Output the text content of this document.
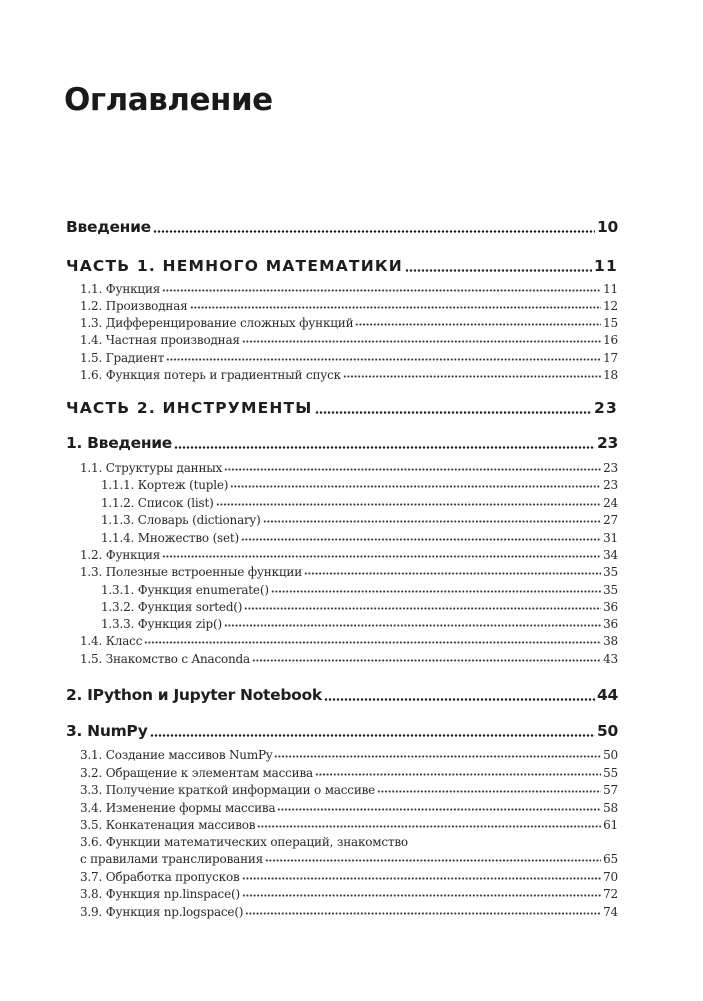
Оглавление
Введение	10
ЧАСТЬ 1. НЕМНОГО МАТЕМАТИКИ	11
1.1. Функция	11
1.2. Производная	12
1.3. Дифференцирование сложных функций	15
1.4. Частная производная	16
1.5. Градиент	17
1.6. Функция потерь и градиентный спуск	18
ЧАСТЬ 2. ИНСТРУМЕНТЫ	23
1. Введение	23
1.1. Структуры данных	23
1.1.1. Кортеж (tuple)	23
1.1.2. Список (list)	24
1.1.3. Словарь (dictionary)	27
1.1.4. Множество (set)	31
1.2. Функция	34
1.3. Полезные встроенные функции	35
1.3.1. Функция enumerate()	35
1.3.2. Функция sorted()	36
1.3.3. Функция zip()	36
1.4. Класс	38
1.5. Знакомство с Anaconda	43
2. IPython и Jupyter Notebook	44
3. NumPy	50
3.1. Создание массивов NumPy	50
3.2. Обращение к элементам массива	55
3.3. Получение краткой информации о массиве	57
3.4. Изменение формы массива	58
3.5. Конкатенация массивов	61
3.6. Функции математических операций, знакомство
с правилами транслирования	65
3.7. Обработка пропусков	70
3.8. Функция np.linspace()	72
3.9. Функция np.logspace()	74
